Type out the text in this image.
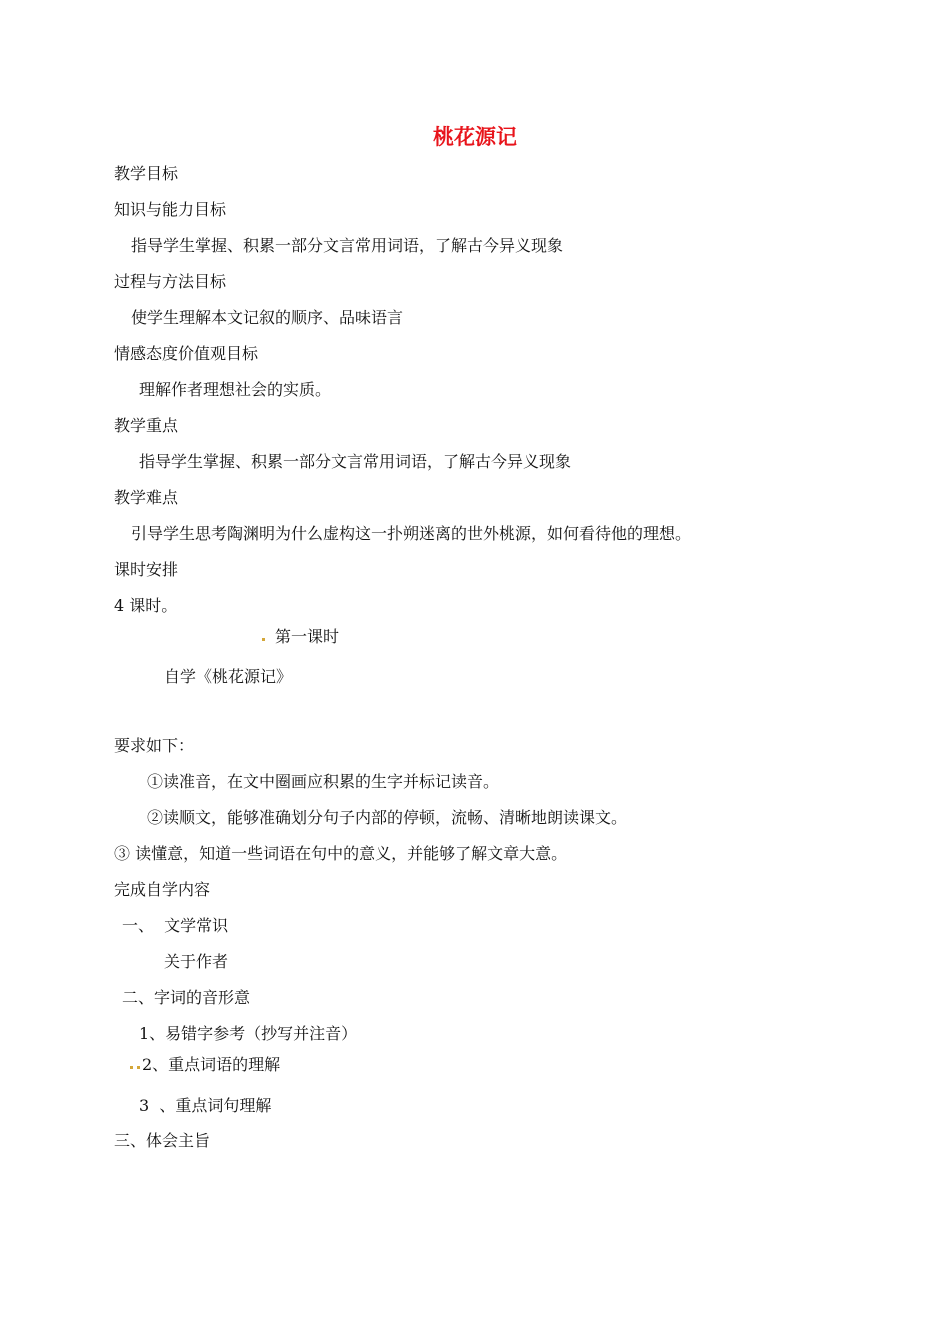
桃花源记
教学目标
知识与能力目标
指导学生掌握、积累一部分文言常用词语，了解古今异义现象
过程与方法目标
使学生理解本文记叙的顺序、品味语言
情感态度价值观目标
理解作者理想社会的实质。
教学重点
指导学生掌握、积累一部分文言常用词语，了解古今异义现象
教学难点
引导学生思考陶渊明为什么虚构这一扑朔迷离的世外桃源，如何看待他的理想。
课时安排
4 课时。
第一课时
自学《桃花源记》
要求如下：
①读准音，在文中圈画应积累的生字并标记读音。
②读顺文，能够准确划分句子内部的停顿，流畅、清晰地朗读课文。
③ 读懂意，知道一些词语在句中的意义，并能够了解文章大意。
完成自学内容
一、  文学常识
关于作者
二、字词的音形意
1、易错字参考（抄写并注音）
2、重点词语的理解
3  、重点词句理解
三、体会主旨
